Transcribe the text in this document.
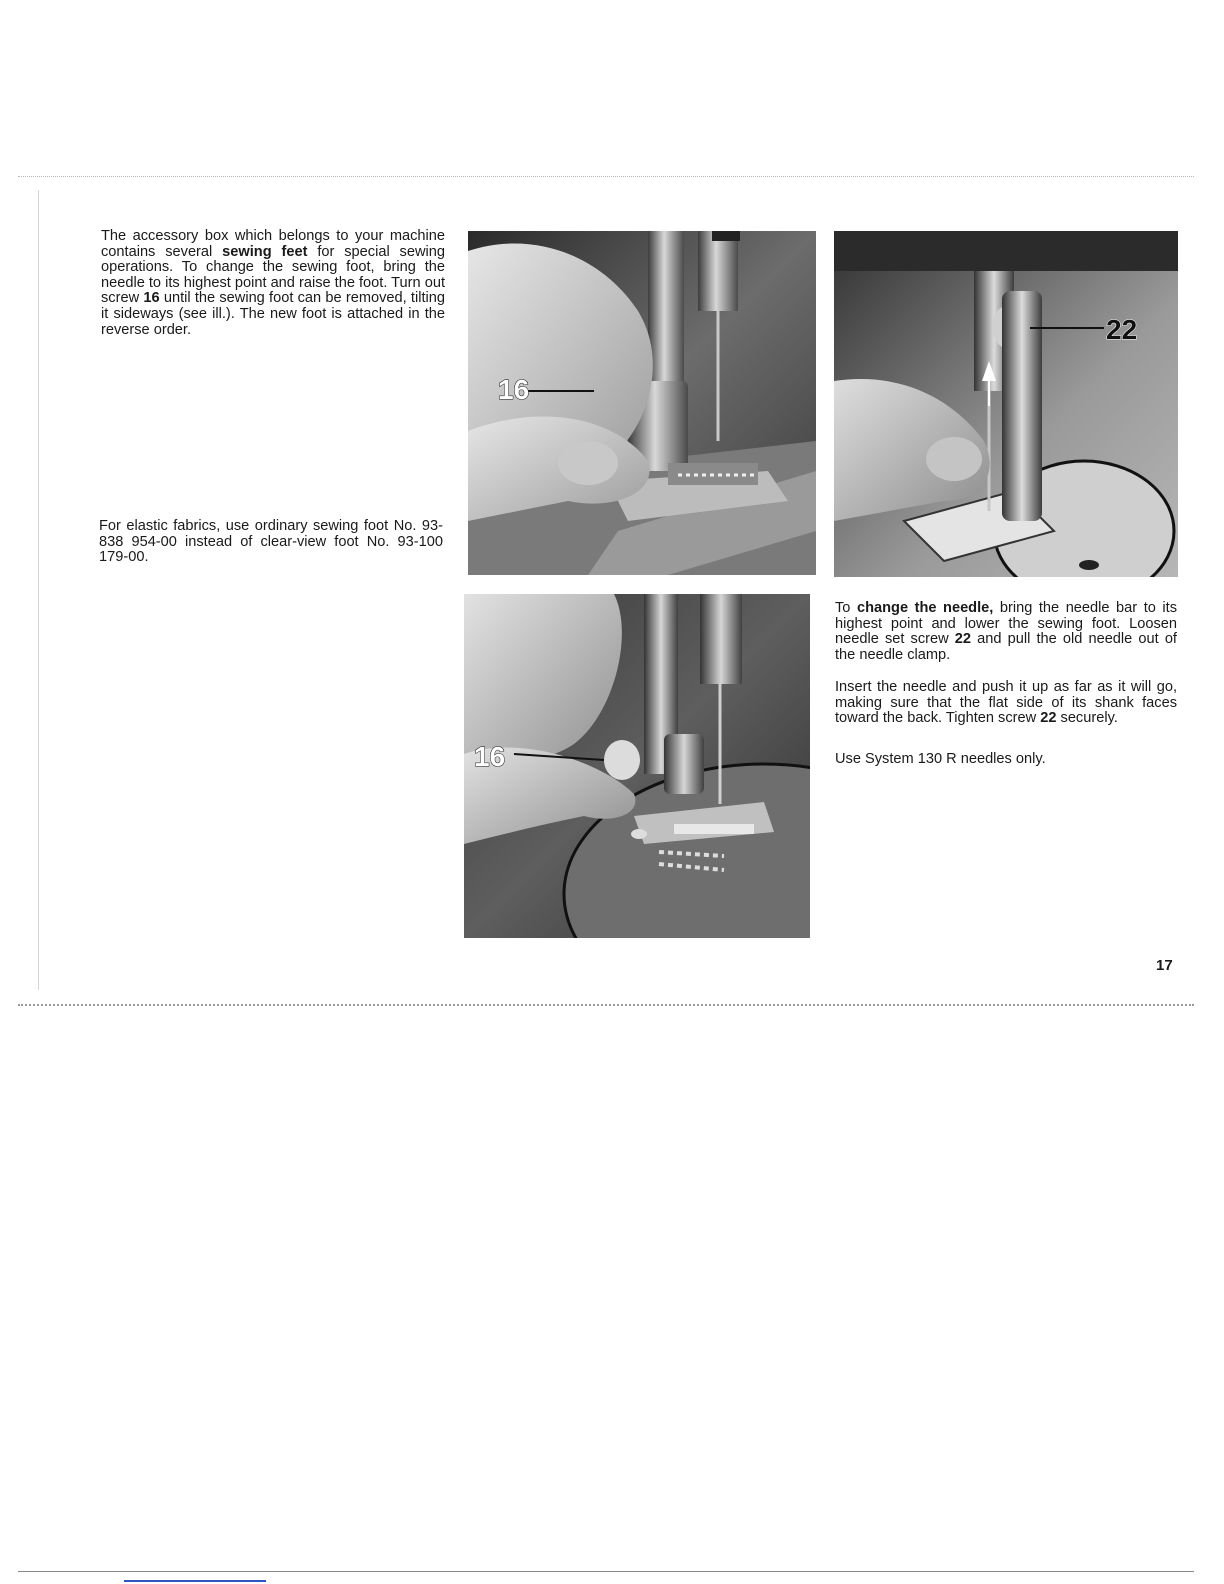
The accessory box which belongs to your machine contains several sewing feet for special sewing operations. To change the sewing foot, bring the needle to its highest point and raise the foot. Turn out screw 16 until the sewing foot can be removed, tilting it sideways (see ill.). The new foot is attached in the reverse order.

For elastic fabrics, use ordinary sewing foot No. 93-838 954-00 instead of clear-view foot No. 93-100 179-00.

16
22
16

To change the needle, bring the needle bar to its highest point and lower the sewing foot. Loosen needle set screw 22 and pull the old needle out of the needle clamp.

Insert the needle and push it up as far as it will go, making sure that the flat side of its shank faces toward the back. Tighten screw 22 securely.

Use System 130 R needles only.

17
